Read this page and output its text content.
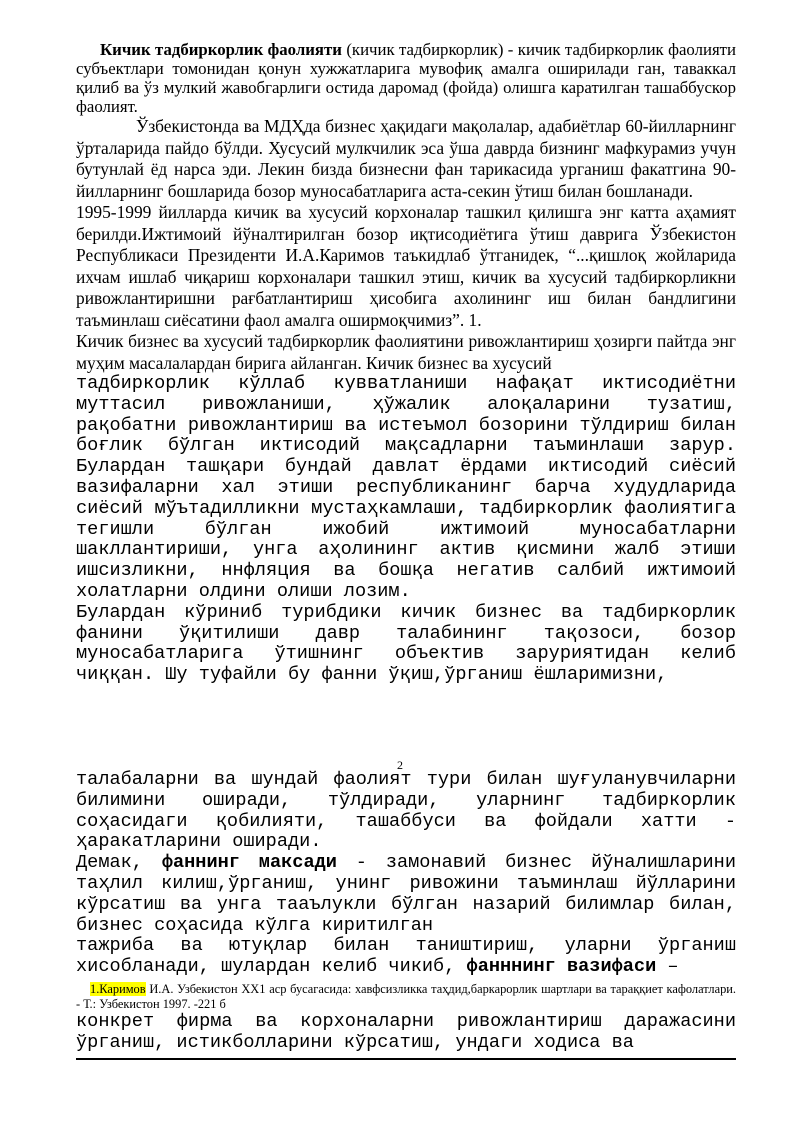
Кичик тадбиркорлик фаолияти (кичик тадбиркорлик) - кичик тадбиркорлик фаолияти субъектлари томонидан қонун хужжатларига мувофиқ амалга оширилади ган, таваккал қилиб ва ўз мулкий жавобгарлиги остида даромад (фойда) олишга каратилган ташаббускор фаолият.

Ўзбекистонда ва МДҲда бизнес ҳақидаги мақолалар, адабиётлар 60-йилларнинг ўрталарида пайдо бўлди. Хусусий мулкчилик эса ўша даврда бизнинг мафкурамиз учун бутунлай ёд нарса эди. Лекин бизда бизнесни фан тарикасида урганиш факатгина 90-йилларнинг бошларида бозор муносабатларига аста-секин ўтиш билан бошланади.

1995-1999 йилларда кичик ва хусусий корхоналар ташкил қилишга энг катта аҳамият берилди.Ижтимоий йўналтирилган бозор иқтисодиётига ўтиш даврига Ўзбекистон Республикаси Президенти И.А.Каримов таъкидлаб ўтганидек, “...қишлоқ жойларида ихчам ишлаб чиқариш корхоналари ташкил этиш, кичик ва хусусий тадбиркорликни ривожлантиришни рағбатлантириш ҳисобига ахолининг иш билан бандлигини таъминлаш сиёсатини фаол амалга оширмоқчимиз”. 1.

Кичик бизнес ва хусусий тадбиркорлик фаолиятини ривожлантириш ҳозирги пайтда энг муҳим масалалардан бирига айланган. Кичик бизнес ва хусусий

тадбиркорлик кўллаб кувватланиши нафақат иктисодиётни муттасил ривожланиши, ҳўжалик алоқаларини тузатиш, рақобатни ривожлантириш ва истеъмол бозорини тўлдириш билан боғлик бўлган иктисодий мақсадларни таъминлаши зарур. Булардан ташқари бундай давлат ёрдами иктисодий сиёсий вазифаларни хал этиши республиканинг барча худудларида сиёсий мўътадилликни мустаҳкамлаши, тадбиркорлик фаолиятига тегишли бўлган ижобий ижтимоий муносабатларни шакллантириши, унга аҳолининг актив қисмини жалб этиши ишсизликни, ннфляция ва бошқа негатив салбий ижтимоий холатларни олдини олиши лозим.

Булардан кўриниб турибдики кичик бизнес ва тадбиркорлик фанини ўқитилиши давр талабининг тақозоси, бозор муносабатларига ўтишнинг объектив заруриятидан келиб чиққан. Шу туфайли бу фанни ўқиш,ўрганиш ёшларимизни,

2

талабаларни ва шундай фаолият тури билан шуғуланувчиларни билимини оширади, тўлдиради, уларнинг тадбиркорлик соҳасидаги қобилияти, ташаббуси ва фойдали хатти - ҳаракатларини оширади.

Демак, фаннинг максади - замонавий бизнес йўналишларини таҳлил килиш,ўрганиш, унинг ривожини таъминлаш йўлларини кўрсатиш ва унга тааълукли бўлган назарий билимлар билан, бизнес соҳасида кўлга киритилган

тажриба ва ютуқлар билан таништириш, уларни ўрганиш хисобланади, шулардан келиб чикиб, фанннинг вазифаси –

1.Каримов И.А. Узбекистон ХХ1 аср бусагасида: хавфсизликка таҳдид,баркарорлик шартлари ва тараққиет кафолатлари. - Т.: Узбекистон 1997. -221 б

конкрет фирма ва корхоналарни ривожлантириш даражасини ўрганиш, истикболларини кўрсатиш, ундаги ходиса ва
